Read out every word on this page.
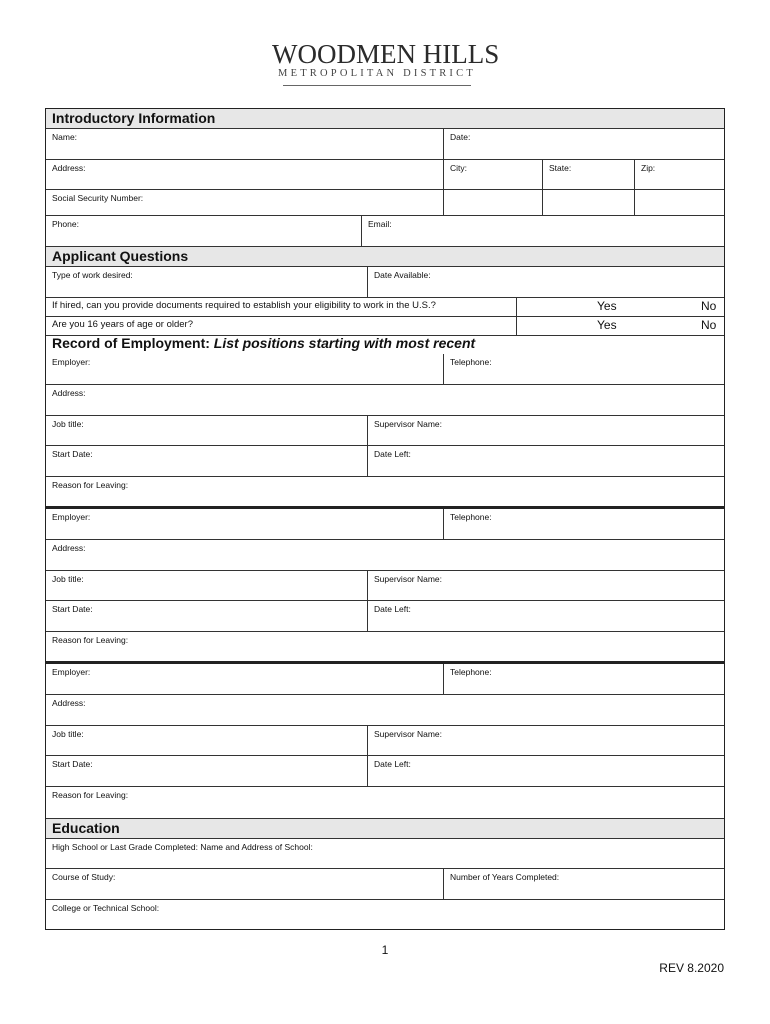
WOODMEN HILLS
METROPOLITAN DISTRICT
Introductory Information
Name:	Date:
Address:	City:	State:	Zip:
Social Security Number:
Phone:	Email:
Applicant Questions
Type of work desired:	Date Available:
If hired, can you provide documents required to establish your eligibility to work in the U.S.?	Yes	No
Are you 16 years of age or older?	Yes	No
Record of Employment: List positions starting with most recent
Employer:	Telephone:
Address:
Job title:	Supervisor Name:
Start Date:	Date Left:
Reason for Leaving:
Employer:	Telephone:
Address:
Job title:	Supervisor Name:
Start Date:	Date Left:
Reason for Leaving:
Employer:	Telephone:
Address:
Job title:	Supervisor Name:
Start Date:	Date Left:
Reason for Leaving:
Education
High School or Last Grade Completed: Name and Address of School:
Course of Study:	Number of Years Completed:
College or Technical School:
1
REV 8.2020
